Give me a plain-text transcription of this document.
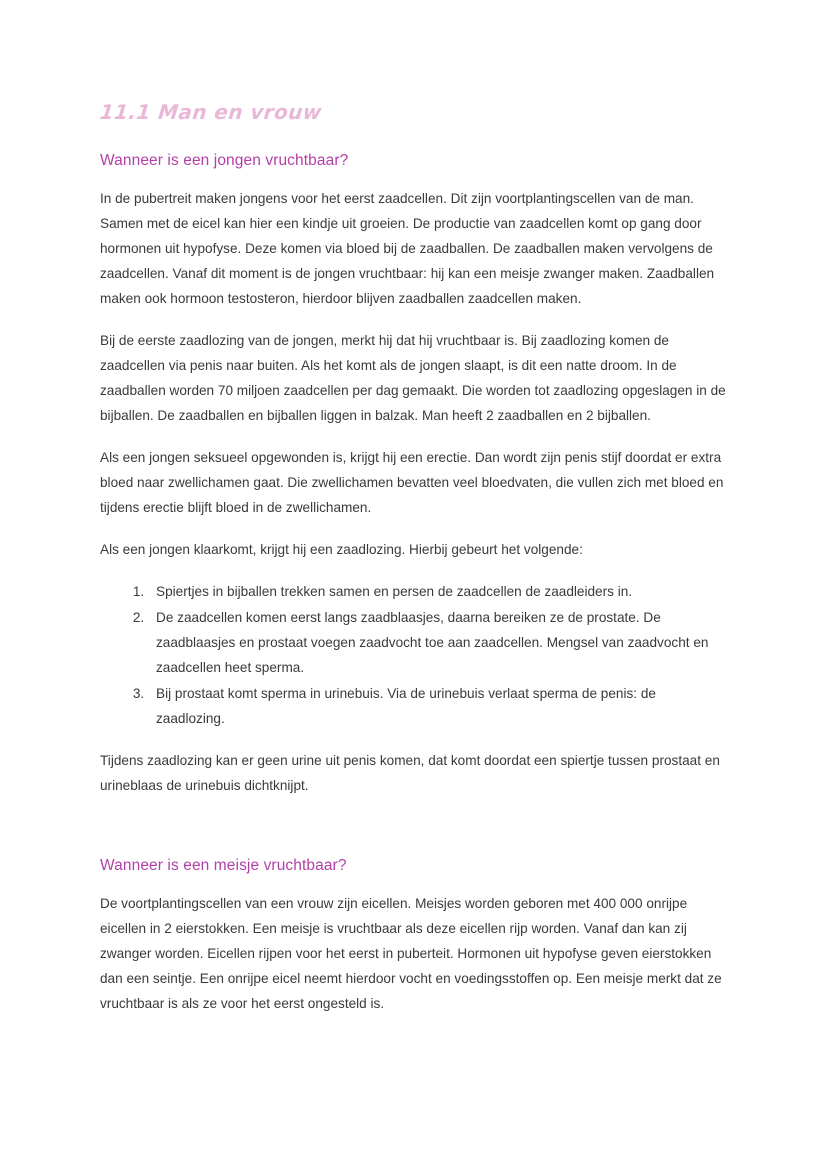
11.1 Man en vrouw
Wanneer is een jongen vruchtbaar?

In de pubertreit maken jongens voor het eerst zaadcellen. Dit zijn voortplantingscellen van de man. Samen met de eicel kan hier een kindje uit groeien. De productie van zaadcellen komt op gang door hormonen uit hypofyse. Deze komen via bloed bij de zaadballen. De zaadballen maken vervolgens de zaadcellen. Vanaf dit moment is de jongen vruchtbaar: hij kan een meisje zwanger maken. Zaadballen maken ook hormoon testosteron, hierdoor blijven zaadballen zaadcellen maken.

Bij de eerste zaadlozing van de jongen, merkt hij dat hij vruchtbaar is. Bij zaadlozing komen de zaadcellen via penis naar buiten. Als het komt als de jongen slaapt, is dit een natte droom. In de zaadballen worden 70 miljoen zaadcellen per dag gemaakt. Die worden tot zaadlozing opgeslagen in de bijballen. De zaadballen en bijballen liggen in balzak. Man heeft 2 zaadballen en 2 bijballen.

Als een jongen seksueel opgewonden is, krijgt hij een erectie. Dan wordt zijn penis stijf doordat er extra bloed naar zwellichamen gaat. Die zwellichamen bevatten veel bloedvaten, die vullen zich met bloed en tijdens erectie blijft bloed in de zwellichamen.

Als een jongen klaarkomt, krijgt hij een zaadlozing. Hierbij gebeurt het volgende:

1. Spiertjes in bijballen trekken samen en persen de zaadcellen de zaadleiders in.
2. De zaadcellen komen eerst langs zaadblaasjes, daarna bereiken ze de prostate. De zaadblaasjes en prostaat voegen zaadvocht toe aan zaadcellen. Mengsel van zaadvocht en zaadcellen heet sperma.
3. Bij prostaat komt sperma in urinebuis. Via de urinebuis verlaat sperma de penis: de zaadlozing.

Tijdens zaadlozing kan er geen urine uit penis komen, dat komt doordat een spiertje tussen prostaat en urineblaas de urinebuis dichtknijpt.

Wanneer is een meisje vruchtbaar?

De voortplantingscellen van een vrouw zijn eicellen. Meisjes worden geboren met 400 000 onrijpe eicellen in 2 eierstokken. Een meisje is vruchtbaar als deze eicellen rijp worden. Vanaf dan kan zij zwanger worden. Eicellen rijpen voor het eerst in puberteit. Hormonen uit hypofyse geven eierstokken dan een seintje. Een onrijpe eicel neemt hierdoor vocht en voedingsstoffen op. Een meisje merkt dat ze vruchtbaar is als ze voor het eerst ongesteld is.
